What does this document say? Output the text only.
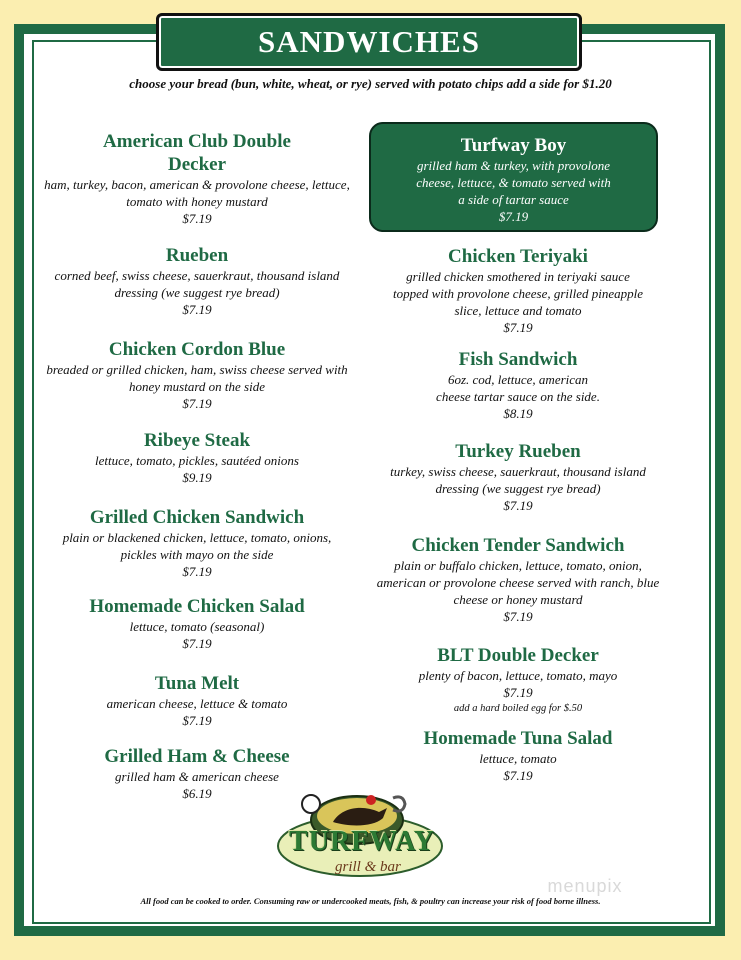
SANDWICHES
choose your bread (bun, white, wheat, or rye) served with potato chips add a side for $1.20
American Club Double Decker
ham, turkey, bacon, american & provolone cheese, lettuce, tomato with honey mustard
$7.19
Rueben
corned beef, swiss cheese, sauerkraut, thousand island dressing (we suggest rye bread)
$7.19
Chicken Cordon Blue
breaded or grilled chicken, ham, swiss cheese served with honey mustard on the side
$7.19
Ribeye Steak
lettuce, tomato, pickles, sautéed onions
$9.19
Grilled Chicken Sandwich
plain or blackened chicken, lettuce, tomato, onions, pickles with mayo on the side
$7.19
Homemade Chicken Salad
lettuce, tomato (seasonal)
$7.19
Tuna Melt
american cheese, lettuce & tomato
$7.19
Grilled Ham & Cheese
grilled ham & american cheese
$6.19
Turfway Boy
grilled ham & turkey, with provolone cheese, lettuce, & tomato served with a side of tartar sauce
$7.19
Chicken Teriyaki
grilled chicken smothered in teriyaki sauce topped with provolone cheese, grilled pineapple slice, lettuce and tomato
$7.19
Fish Sandwich
6oz. cod, lettuce, american cheese tartar sauce on the side.
$8.19
Turkey Rueben
turkey, swiss cheese, sauerkraut, thousand island dressing (we suggest rye bread)
$7.19
Chicken Tender Sandwich
plain or buffalo chicken, lettuce, tomato, onion, american or provolone cheese served with ranch, blue cheese or honey mustard
$7.19
BLT Double Decker
plenty of bacon, lettuce, tomato, mayo
$7.19
add a hard boiled egg for $.50
Homemade Tuna Salad
lettuce, tomato
$7.19
TURFWAY
grill & bar
menupix
All food can be cooked to order. Consuming raw or undercooked meats, fish, & poultry can increase your risk of food borne illness.
